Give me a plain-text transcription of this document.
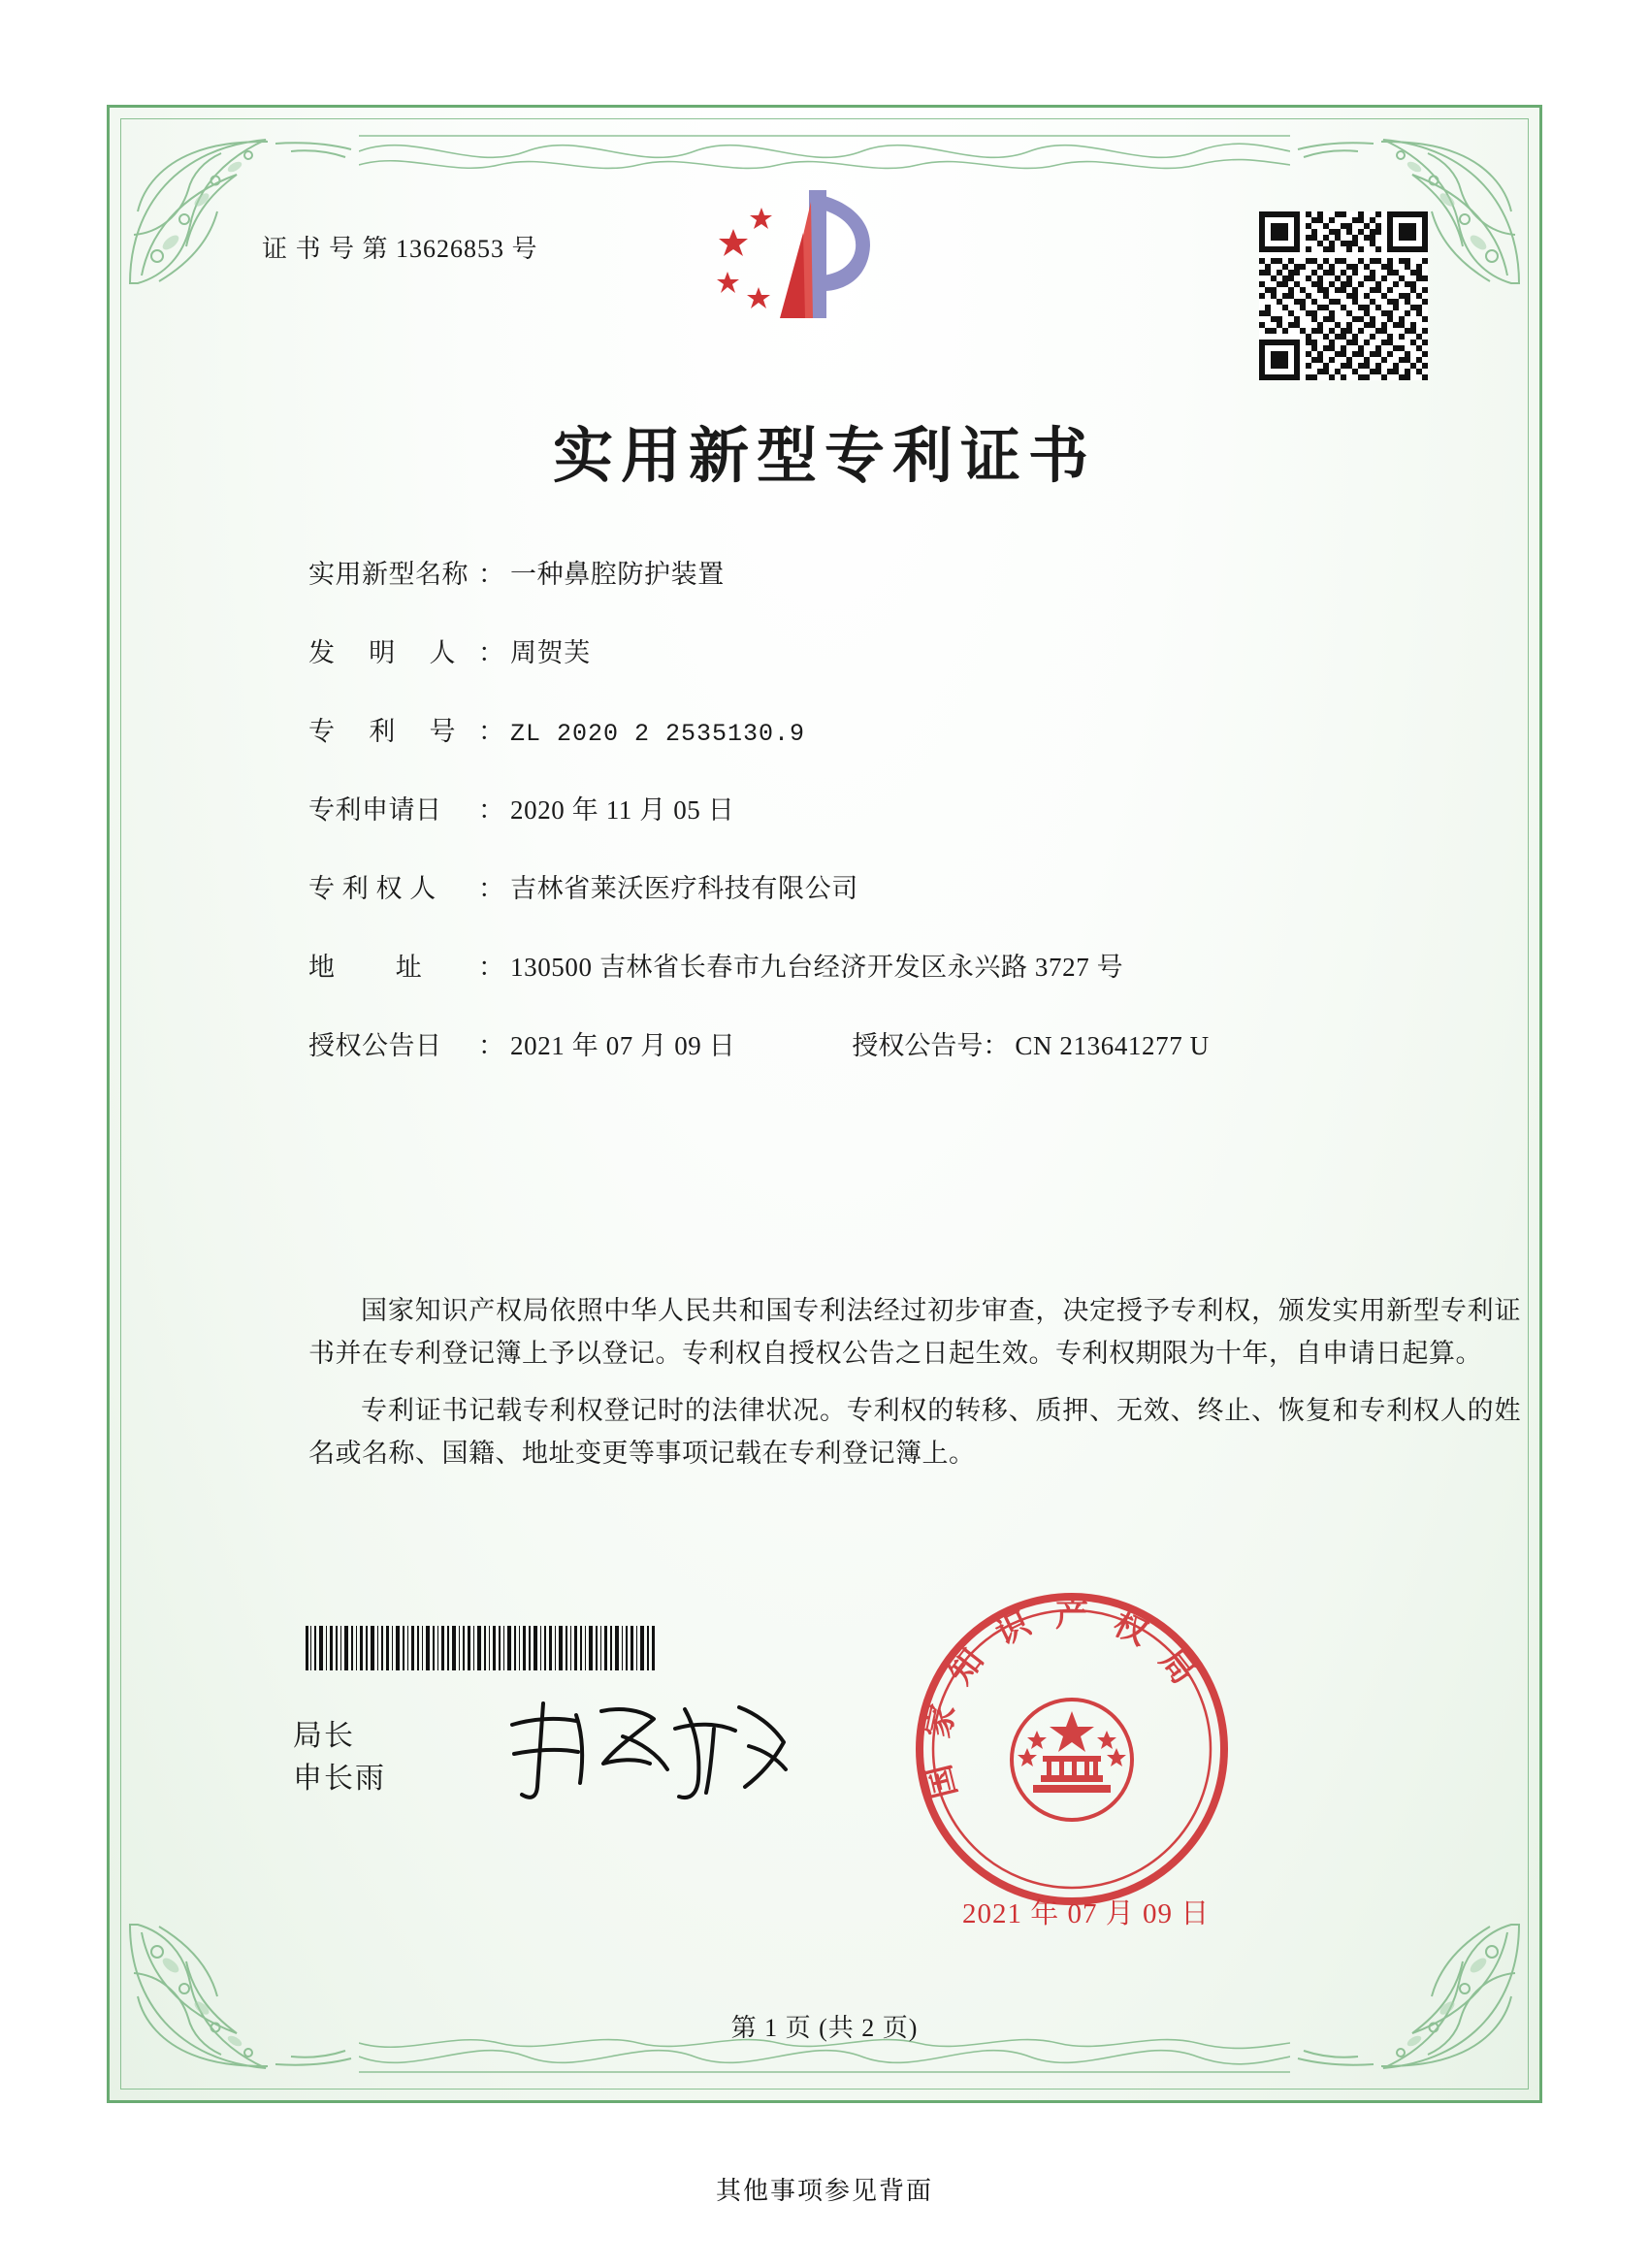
证 书 号 第 13626853 号
实用新型专利证书
实用新型名称 ： 一种鼻腔防护装置
发　 明　 人 ： 周贺芙
专　 利　 号 ： ZL 2020 2 2535130.9
专利申请日	： 2020 年 11 月 05 日
专 利 权 人	： 吉林省莱沃医疗科技有限公司
地　　 址	： 130500 吉林省长春市九台经济开发区永兴路 3727 号
授权公告日	： 2021 年 07 月 09 日	授权公告号 ： CN 213641277 U

国家知识产权局依照中华人民共和国专利法经过初步审查，决定授予专利权，颁发实用新型专利证书并在专利登记簿上予以登记。专利权自授权公告之日起生效。专利权期限为十年，自申请日起算。

专利证书记载专利权登记时的法律状况。专利权的转移、质押、无效、终止、恢复和专利权人的姓名或名称、国籍、地址变更等事项记载在专利登记簿上。

局长
申长雨	国
家
知
识 产 权
局
2021 年 07 月 09 日
第 1 页 (共 2 页)
其他事项参见背面
